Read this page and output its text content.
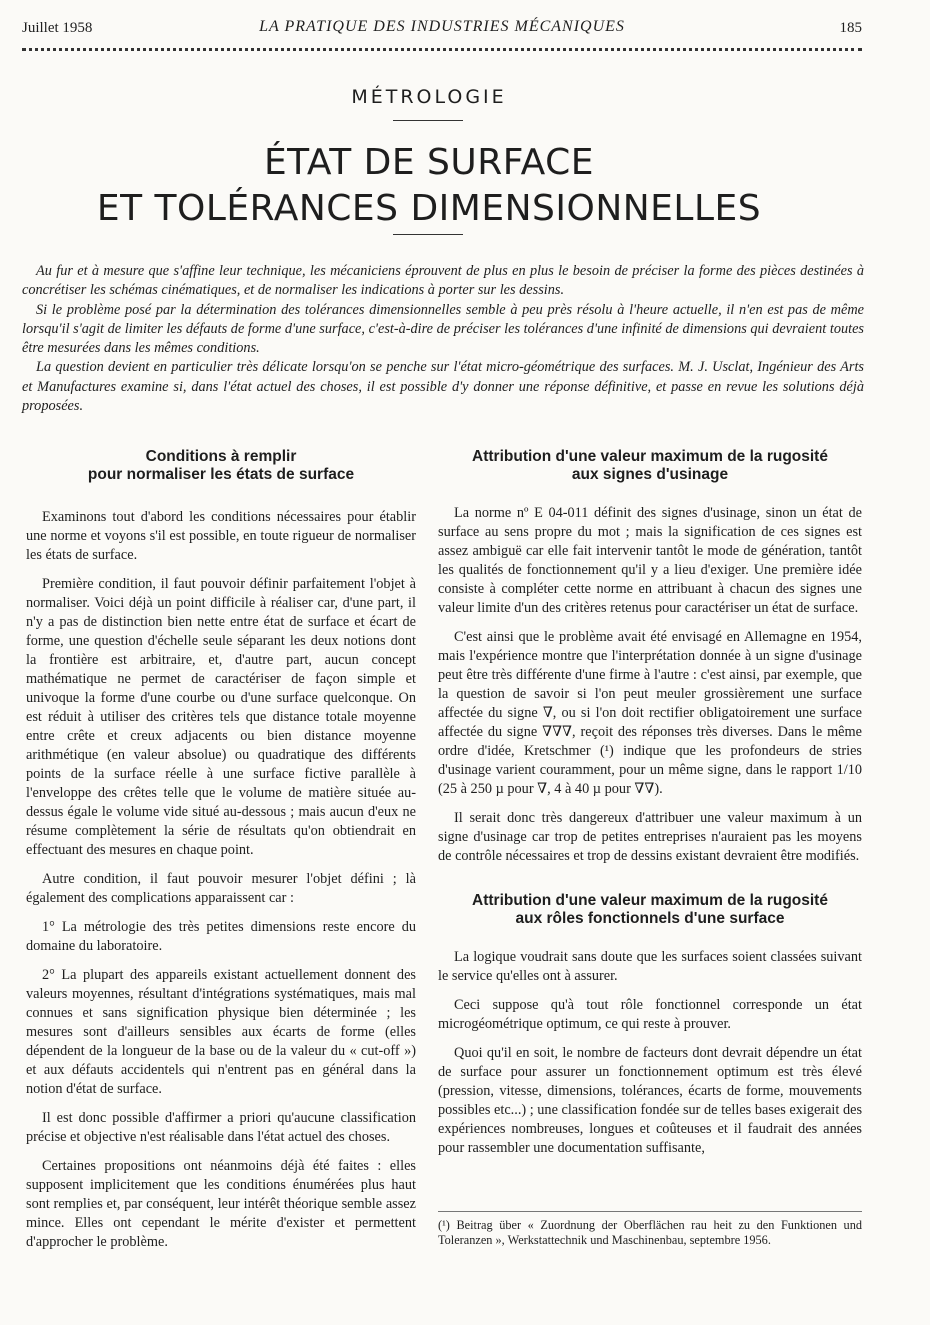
Juillet 1958	LA PRATIQUE DES INDUSTRIES MÉCANIQUES	185
MÉTROLOGIE
ÉTAT DE SURFACE
ET TOLÉRANCES DIMENSIONNELLES

Au fur et à mesure que s'affine leur technique, les mécaniciens éprouvent de plus en plus le besoin de préciser la forme des pièces destinées à concrétiser les schémas cinématiques, et de normaliser les indications à porter sur les dessins.

Si le problème posé par la détermination des tolérances dimensionnelles semble à peu près résolu à l'heure actuelle, il n'en est pas de même lorsqu'il s'agit de limiter les défauts de forme d'une surface, c'est-à-dire de préciser les tolérances d'une infinité de dimensions qui devraient toutes être mesurées dans les mêmes conditions.

La question devient en particulier très délicate lorsqu'on se penche sur l'état micro-géométrique des surfaces. M. J. Usclat, Ingénieur des Arts et Manufactures examine si, dans l'état actuel des choses, il est possible d'y donner une réponse définitive, et passe en revue les solutions déjà proposées.

Conditions à remplir
pour normaliser les états de surface

Examinons tout d'abord les conditions nécessaires pour établir une norme et voyons s'il est possible, en toute rigueur de normaliser les états de surface.

Première condition, il faut pouvoir définir parfaitement l'objet à normaliser. Voici déjà un point difficile à réaliser car, d'une part, il n'y a pas de distinction bien nette entre état de surface et écart de forme, une question d'échelle seule séparant les deux notions dont la frontière est arbitraire, et, d'autre part, aucun concept mathématique ne permet de caractériser de façon simple et univoque la forme d'une courbe ou d'une surface quelconque. On est réduit à utiliser des critères tels que distance totale moyenne entre crête et creux adjacents ou bien distance moyenne arithmétique (en valeur absolue) ou quadratique des différents points de la surface réelle à une surface fictive parallèle à l'enveloppe des crêtes telle que le volume de matière située au-dessus égale le volume vide situé au-dessous ; mais aucun d'eux ne résume complètement la série de résultats qu'on obtiendrait en effectuant des mesures en chaque point.

Autre condition, il faut pouvoir mesurer l'objet défini ; là également des complications apparaissent car :

1° La métrologie des très petites dimensions reste encore du domaine du laboratoire.

2° La plupart des appareils existant actuellement donnent des valeurs moyennes, résultant d'intégrations systématiques, mais mal connues et sans signification physique bien déterminée ; les mesures sont d'ailleurs sensibles aux écarts de forme (elles dépendent de la longueur de la base ou de la valeur du « cut-off ») et aux défauts accidentels qui n'entrent pas en général dans la notion d'état de surface.

Il est donc possible d'affirmer a priori qu'aucune classification précise et objective n'est réalisable dans l'état actuel des choses.

Certaines propositions ont néanmoins déjà été faites : elles supposent implicitement que les conditions énumérées plus haut sont remplies et, par conséquent, leur intérêt théorique semble assez mince. Elles ont cependant le mérite d'exister et permettent d'approcher le problème.

Attribution d'une valeur maximum de la rugosité
aux signes d'usinage

La norme nº E 04-011 définit des signes d'usinage, sinon un état de surface au sens propre du mot ; mais la signification de ces signes est assez ambiguë car elle fait intervenir tantôt le mode de génération, tantôt les qualités de fonctionnement qu'il y a lieu d'exiger. Une première idée consiste à compléter cette norme en attribuant à chacun des signes une valeur limite d'un des critères retenus pour caractériser un état de surface.

C'est ainsi que le problème avait été envisagé en Allemagne en 1954, mais l'expérience montre que l'interprétation donnée à un signe d'usinage peut être très différente d'une firme à l'autre : c'est ainsi, par exemple, que la question de savoir si l'on peut meuler grossièrement une surface affectée du signe ∇, ou si l'on doit rectifier obligatoirement une surface affectée du signe ∇∇∇, reçoit des réponses très diverses. Dans le même ordre d'idée, Kretschmer (¹) indique que les profondeurs de stries d'usinage varient couramment, pour un même signe, dans le rapport 1/10 (25 à 250 µ pour ∇, 4 à 40 µ pour ∇∇).

Il serait donc très dangereux d'attribuer une valeur maximum à un signe d'usinage car trop de petites entreprises n'auraient pas les moyens de contrôle nécessaires et trop de dessins existant devraient être modifiés.

Attribution d'une valeur maximum de la rugosité
aux rôles fonctionnels d'une surface

La logique voudrait sans doute que les surfaces soient classées suivant le service qu'elles ont à assurer.

Ceci suppose qu'à tout rôle fonctionnel corresponde un état microgéométrique optimum, ce qui reste à prouver.

Quoi qu'il en soit, le nombre de facteurs dont devrait dépendre un état de surface pour assurer un fonctionnement optimum est très élevé (pression, vitesse, dimensions, tolérances, écarts de forme, mouvements possibles etc...) ; une classification fondée sur de telles bases exigerait des expériences nombreuses, longues et coûteuses et il faudrait des années pour rassembler une documentation suffisante,

(¹) Beitrag über « Zuordnung der Oberflächen rau heit zu den Funktionen und Toleranzen », Werkstattechnik und Maschinenbau, septembre 1956.
